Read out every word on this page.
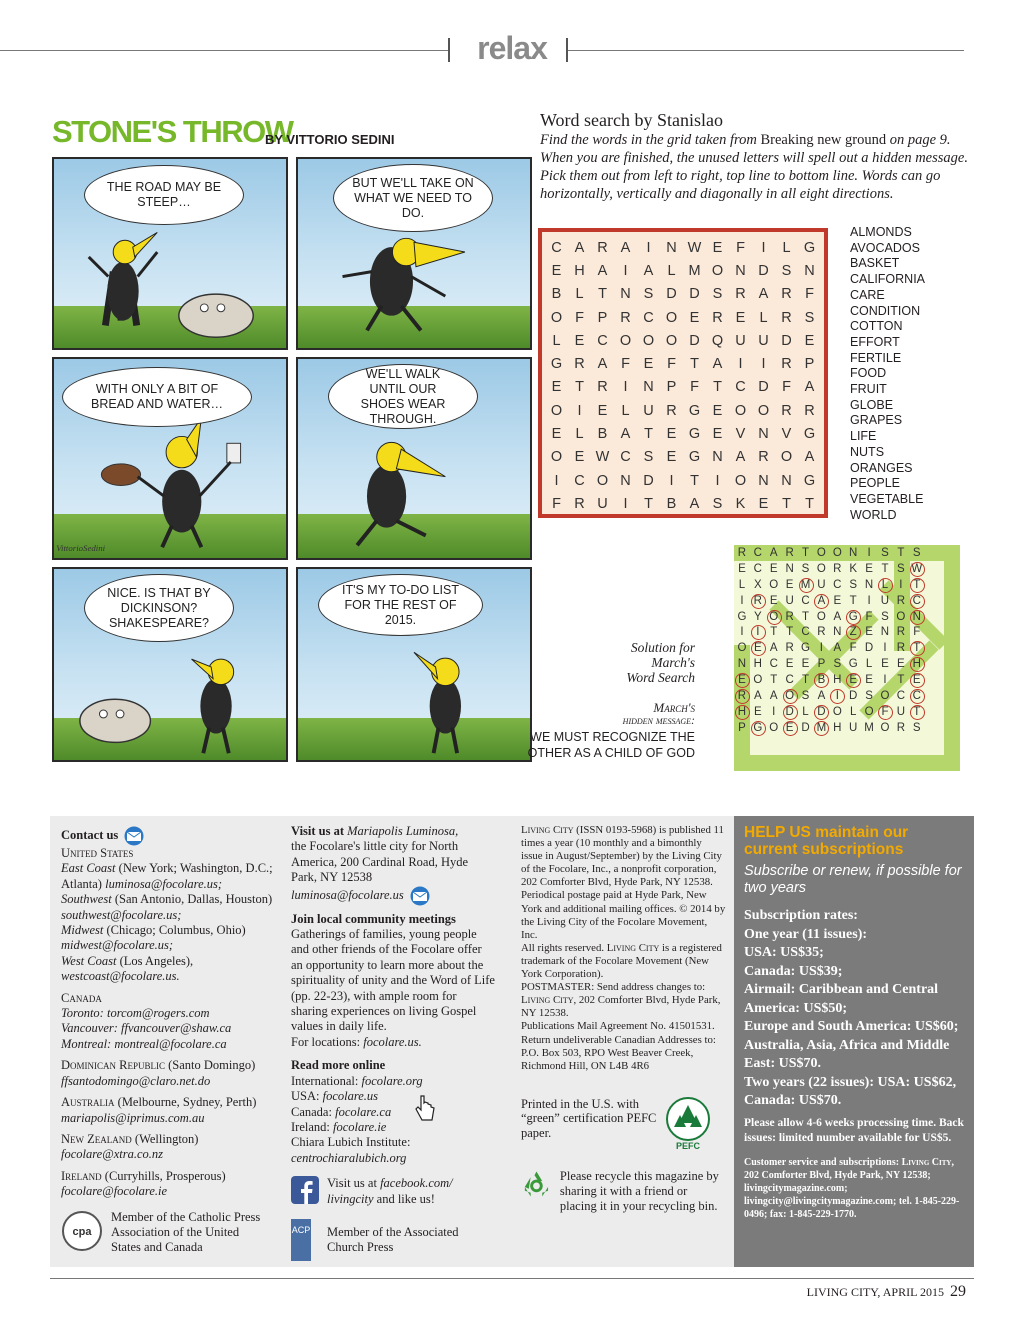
relax
STONE'S THROW
BY VITTORIO SEDINI
THE ROAD MAY BE STEEP…
BUT WE'LL TAKE ON WHAT WE NEED TO DO.
VittorioSedini
WITH ONLY A BIT OF BREAD AND WATER…
WE'LL WALK UNTIL OUR SHOES WEAR THROUGH.
NICE. IS THAT BY DICKINSON? SHAKESPEARE?
IT'S MY TO-DO LIST FOR THE REST OF 2015.
Word search by Stanislao
Find the words in the grid taken from Breaking new ground on page 9. When you are finished, the unused letters will spell out a hidden message. Pick them out from left to right, top line to bottom line. Words can go horizontally, vertically and diagonally in all eight directions.
C A R A	I	N W E F	I	L G
E H A	I	A L M O N D S N
B L	T N S D D S R A R F
O F P R C O E R E L R S
L E C O O O D Q U U D E
G R A F E F T A	I	I	R P
E T R	I	N P F T C D F A
O	I	E L U R G E O O R R
E L B A T E G E V N V G
O E W C S E G N A R O A
I	C O N D	I	T	I	O N N G
F R U	I	T B A S K E T T
ALMONDS
AVOCADOS
BASKET
CALIFORNIA
CARE
CONDITION
COTTON
EFFORT
FERTILE
FOOD
FRUIT
GLOBE
GRAPES
LIFE
NUTS
ORANGES
PEOPLE
VEGETABLE
WORLD
Solution for
March's
Word Search
March's
hidden message:
WE MUST RECOGNIZE THE OTHER AS A CHILD OF GOD
R C A R T O O N I S T S
E C E N S O R K E T S W
L X O E M U C S N L I T
I R E U C A E T I U R C
G Y O R T O A G F S O N
I	I T T C R N Z E N R F
O E A R G I A F D I R T
N H C E E P S G L E E H
E O T C T B H E E I T E
R A A O S A I D S O C C
H E I D L D O L O F U T
P G O E D M H U M O R S
Contact us
United States
East Coast (New York; Washington, D.C.; Atlanta) luminosa@focolare.us;
Southwest (San Antonio, Dallas, Houston) southwest@focolare.us;
Midwest (Chicago; Columbus, Ohio) midwest@focolare.us;
West Coast (Los Angeles), westcoast@focolare.us.
Canada
Toronto: torcom@rogers.com
Vancouver: ffvancouver@shaw.ca
Montreal: montreal@focolare.ca
Dominican Republic (Santo Domingo)
ffsantodomingo@claro.net.do
Australia (Melbourne, Sydney, Perth)
mariapolis@iprimus.com.au
New Zealand (Wellington)
focolare@xtra.co.nz
Ireland (Curryhills, Prosperous)
focolare@focolare.ie
cpa
Member of the Catholic Press Association of the United States and Canada
Visit us at Mariapolis Luminosa,
the Focolare's little city for North America, 200 Cardinal Road, Hyde Park, NY 12538
luminosa@focolare.us
Join local community meetings
Gatherings of families, young people and other friends of the Focolare offer an opportunity to learn more about the spirituality of unity and the Word of Life (pp. 22-23), with ample room for sharing experiences on living Gospel values in daily life.
For locations: focolare.us.
Read more online
International: focolare.org
USA: focolare.us
Canada: focolare.ca
Ireland: focolare.ie
Chiara Lubich Institute:
centrochiaralubich.org
Visit us at facebook.com/ livingcity and like us!
ACP Member of the Associated Church Press
Living City (ISSN 0193-5968) is published 11 times a year (10 monthly and a bimonthly issue in August/September) by the Living City of the Focolare, Inc., a nonprofit corporation, 202 Comforter Blvd, Hyde Park, NY 12538. Periodical postage paid at Hyde Park, New York and additional mailing offices. © 2014 by the Living City of the Focolare Movement, Inc.
All rights reserved. Living City is a registered trademark of the Focolare Movement (New York Corporation).
POSTMASTER: Send address changes to: Living City, 202 Comforter Blvd, Hyde Park, NY 12538.
Publications Mail Agreement No. 41501531. Return undeliverable Canadian Addresses to: P.O. Box 503, RPO West Beaver Creek, Richmond Hill, ON L4B 4R6
Printed in the U.S. with “green” certification PEFC paper.
PEFC
Please recycle this magazine by sharing it with a friend or placing it in your recycling bin.
HELP US maintain our current subscriptions
Subscribe or renew, if possible for two years
Subscription rates:
One year (11 issues):
USA: US$35;
Canada: US$39;
Airmail: Caribbean and Central America: US$50;
Europe and South America: US$60;
Australia, Asia, Africa and Middle East: US$70.
Two years (22 issues): USA: US$62, Canada: US$70.
Please allow 4-6 weeks processing time. Back issues: limited number available for US$5.
Customer service and subscriptions: Living City, 202 Comforter Blvd, Hyde Park, NY 12538; livingcitymagazine.com; livingcity@livingcitymagazine.com; tel. 1-845-229-0496; fax: 1-845-229-1770.
LIVING CITY, APRIL 2015 29
